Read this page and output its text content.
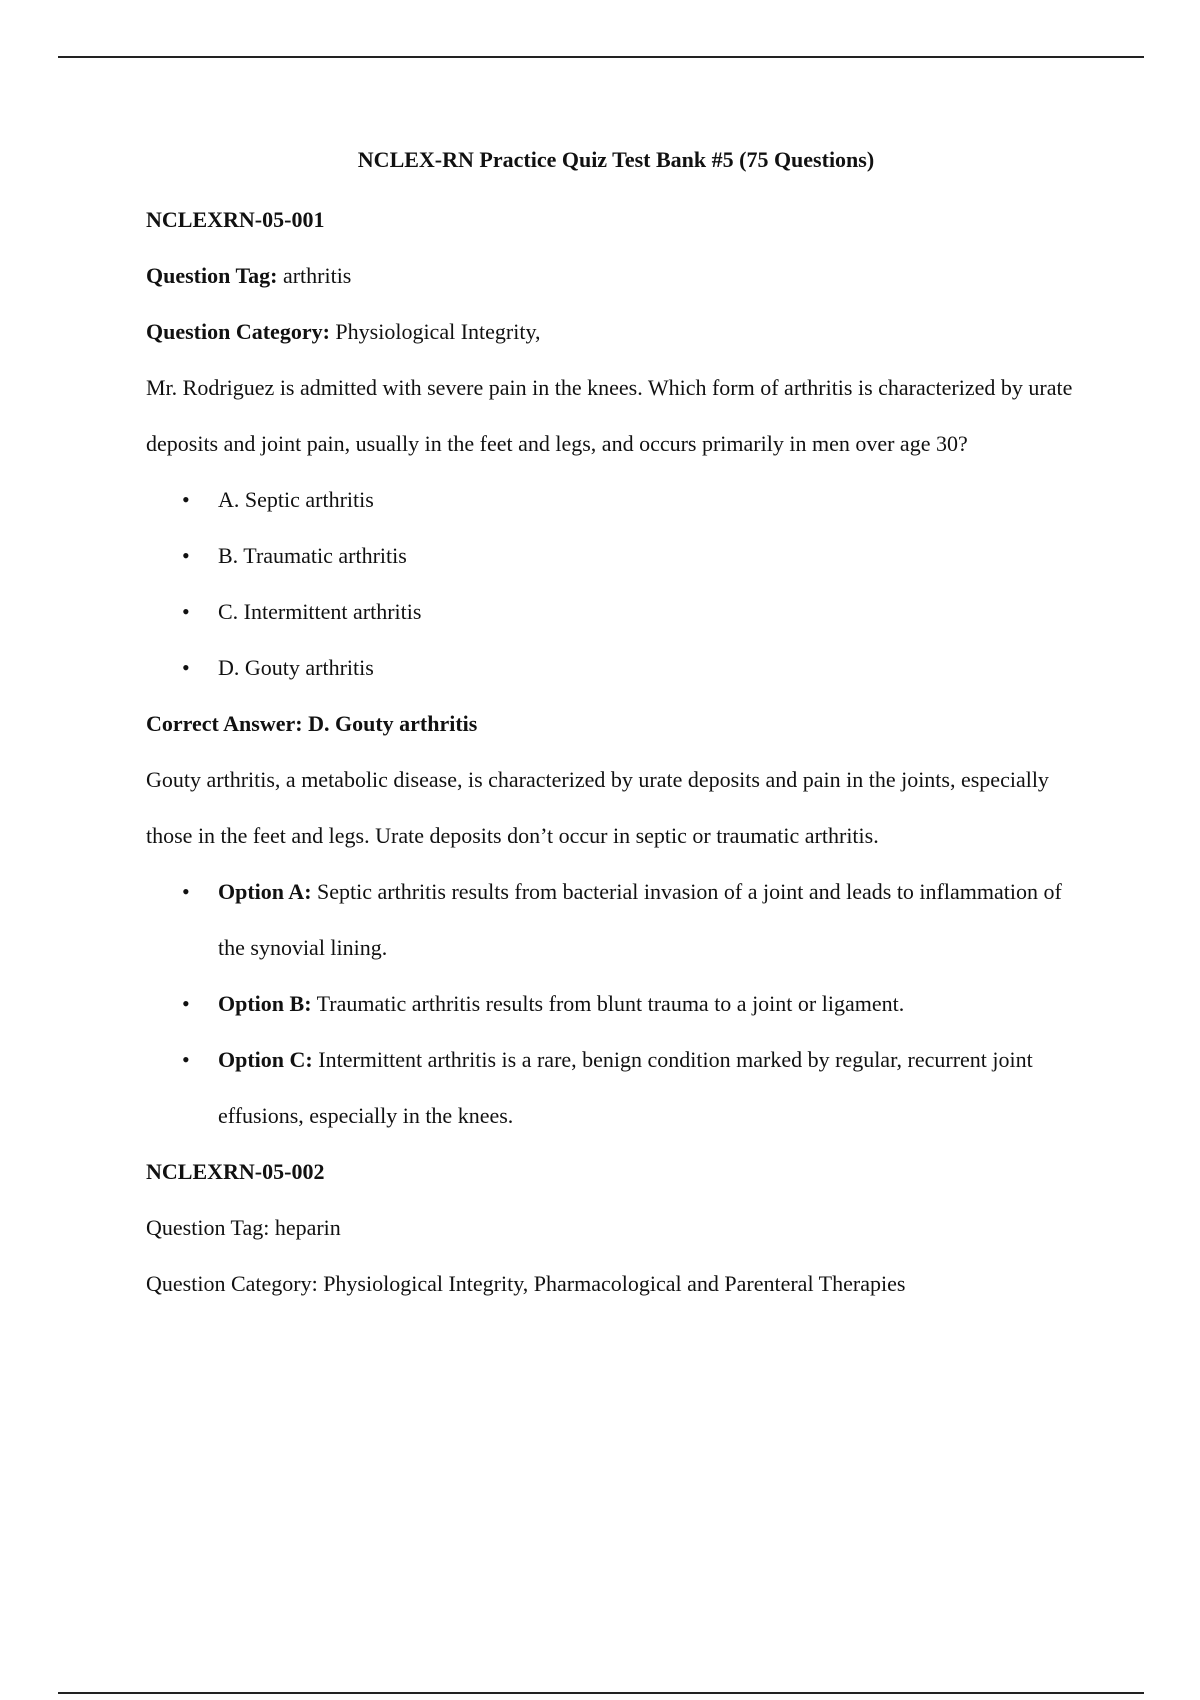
NCLEX-RN Practice Quiz Test Bank #5 (75 Questions)

NCLEXRN-05-001

Question Tag: arthritis

Question Category: Physiological Integrity,

Mr. Rodriguez is admitted with severe pain in the knees. Which form of arthritis is characterized by urate deposits and joint pain, usually in the feet and legs, and occurs primarily in men over age 30?

• A. Septic arthritis
• B. Traumatic arthritis
• C. Intermittent arthritis
• D. Gouty arthritis

Correct Answer: D. Gouty arthritis

Gouty arthritis, a metabolic disease, is characterized by urate deposits and pain in the joints, especially those in the feet and legs. Urate deposits don’t occur in septic or traumatic arthritis.

• Option A: Septic arthritis results from bacterial invasion of a joint and leads to inflammation of the synovial lining.
• Option B: Traumatic arthritis results from blunt trauma to a joint or ligament.
• Option C: Intermittent arthritis is a rare, benign condition marked by regular, recurrent joint effusions, especially in the knees.

NCLEXRN-05-002

Question Tag: heparin

Question Category: Physiological Integrity, Pharmacological and Parenteral Therapies
